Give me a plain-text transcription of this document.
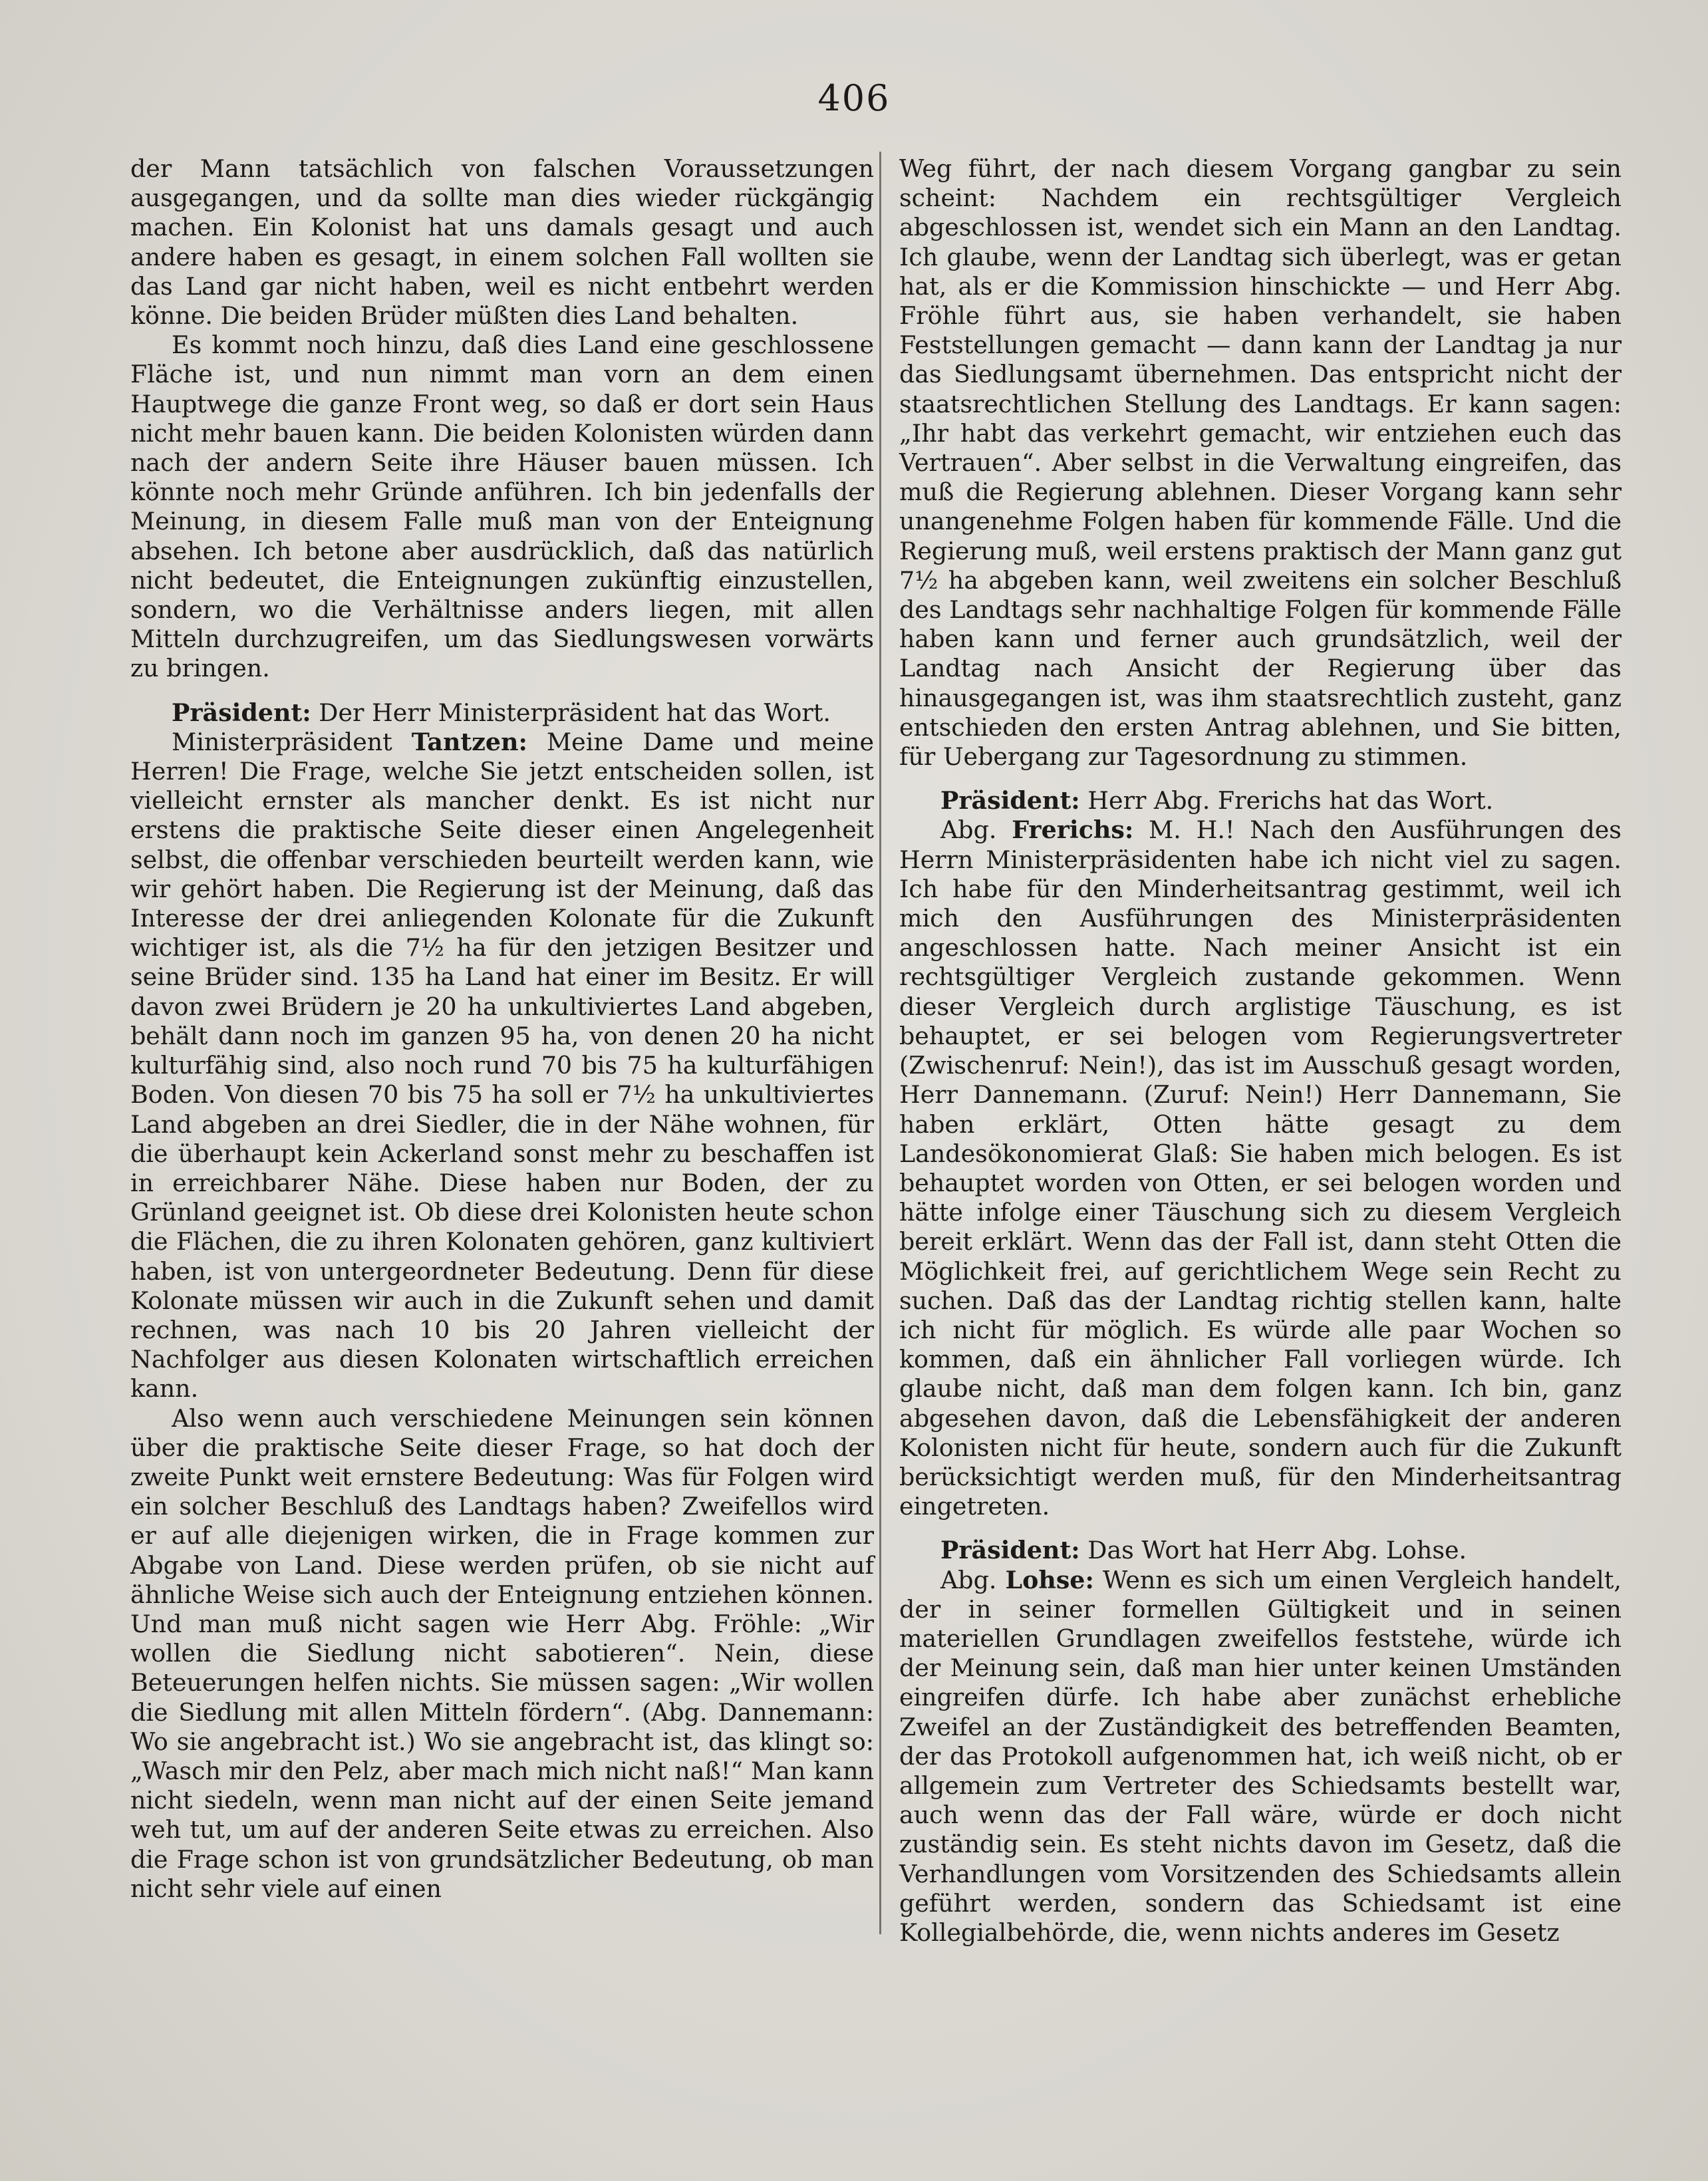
406

der Mann tatsächlich von falschen Voraussetzungen ausgegangen, und da sollte man dies wieder rückgängig machen. Ein Kolonist hat uns damals gesagt und auch andere haben es gesagt, in einem solchen Fall wollten sie das Land gar nicht haben, weil es nicht entbehrt werden könne. Die beiden Brüder müßten dies Land behalten.

Es kommt noch hinzu, daß dies Land eine geschlossene Fläche ist, und nun nimmt man vorn an dem einen Hauptwege die ganze Front weg, so daß er dort sein Haus nicht mehr bauen kann. Die beiden Kolonisten würden dann nach der andern Seite ihre Häuser bauen müssen. Ich könnte noch mehr Gründe anführen. Ich bin jedenfalls der Meinung, in diesem Falle muß man von der Enteignung absehen. Ich betone aber ausdrücklich, daß das natürlich nicht bedeutet, die Enteignungen zukünftig einzustellen, sondern, wo die Verhältnisse anders liegen, mit allen Mitteln durchzugreifen, um das Siedlungswesen vorwärts zu bringen.

Präsident: Der Herr Ministerpräsident hat das Wort.

Ministerpräsident Tantzen: Meine Dame und meine Herren! Die Frage, welche Sie jetzt entscheiden sollen, ist vielleicht ernster als mancher denkt. Es ist nicht nur erstens die praktische Seite dieser einen Angelegenheit selbst, die offenbar verschieden beurteilt werden kann, wie wir gehört haben. Die Regierung ist der Meinung, daß das Interesse der drei anliegenden Kolonate für die Zukunft wichtiger ist, als die 7½ ha für den jetzigen Besitzer und seine Brüder sind. 135 ha Land hat einer im Besitz. Er will davon zwei Brüdern je 20 ha unkultiviertes Land abgeben, behält dann noch im ganzen 95 ha, von denen 20 ha nicht kulturfähig sind, also noch rund 70 bis 75 ha kulturfähigen Boden. Von diesen 70 bis 75 ha soll er 7½ ha unkultiviertes Land abgeben an drei Siedler, die in der Nähe wohnen, für die überhaupt kein Ackerland sonst mehr zu beschaffen ist in erreichbarer Nähe. Diese haben nur Boden, der zu Grünland geeignet ist. Ob diese drei Kolonisten heute schon die Flächen, die zu ihren Kolonaten gehören, ganz kultiviert haben, ist von untergeordneter Bedeutung. Denn für diese Kolonate müssen wir auch in die Zukunft sehen und damit rechnen, was nach 10 bis 20 Jahren vielleicht der Nachfolger aus diesen Kolonaten wirtschaftlich erreichen kann.

Also wenn auch verschiedene Meinungen sein können über die praktische Seite dieser Frage, so hat doch der zweite Punkt weit ernstere Bedeutung: Was für Folgen wird ein solcher Beschluß des Landtags haben? Zweifellos wird er auf alle diejenigen wirken, die in Frage kommen zur Abgabe von Land. Diese werden prüfen, ob sie nicht auf ähnliche Weise sich auch der Enteignung entziehen können. Und man muß nicht sagen wie Herr Abg. Fröhle: „Wir wollen die Siedlung nicht sabotieren“. Nein, diese Beteuerungen helfen nichts. Sie müssen sagen: „Wir wollen die Siedlung mit allen Mitteln fördern“. (Abg. Dannemann: Wo sie angebracht ist.) Wo sie angebracht ist, das klingt so: „Wasch mir den Pelz, aber mach mich nicht naß!“ Man kann nicht siedeln, wenn man nicht auf der einen Seite jemand weh tut, um auf der anderen Seite etwas zu erreichen. Also die Frage schon ist von grundsätzlicher Bedeutung, ob man nicht sehr viele auf einen

Weg führt, der nach diesem Vorgang gangbar zu sein scheint: Nachdem ein rechtsgültiger Vergleich abgeschlossen ist, wendet sich ein Mann an den Landtag. Ich glaube, wenn der Landtag sich überlegt, was er getan hat, als er die Kommission hinschickte — und Herr Abg. Fröhle führt aus, sie haben verhandelt, sie haben Feststellungen gemacht — dann kann der Landtag ja nur das Siedlungsamt übernehmen. Das entspricht nicht der staatsrechtlichen Stellung des Landtags. Er kann sagen: „Ihr habt das verkehrt gemacht, wir entziehen euch das Vertrauen“. Aber selbst in die Verwaltung eingreifen, das muß die Regierung ablehnen. Dieser Vorgang kann sehr unangenehme Folgen haben für kommende Fälle. Und die Regierung muß, weil erstens praktisch der Mann ganz gut 7½ ha abgeben kann, weil zweitens ein solcher Beschluß des Landtags sehr nachhaltige Folgen für kommende Fälle haben kann und ferner auch grundsätzlich, weil der Landtag nach Ansicht der Regierung über das hinausgegangen ist, was ihm staatsrechtlich zusteht, ganz entschieden den ersten Antrag ablehnen, und Sie bitten, für Uebergang zur Tagesordnung zu stimmen.

Präsident: Herr Abg. Frerichs hat das Wort.

Abg. Frerichs: M. H.! Nach den Ausführungen des Herrn Ministerpräsidenten habe ich nicht viel zu sagen. Ich habe für den Minderheitsantrag gestimmt, weil ich mich den Ausführungen des Ministerpräsidenten angeschlossen hatte. Nach meiner Ansicht ist ein rechtsgültiger Vergleich zustande gekommen. Wenn dieser Vergleich durch arglistige Täuschung, es ist behauptet, er sei belogen vom Regierungsvertreter (Zwischenruf: Nein!), das ist im Ausschuß gesagt worden, Herr Dannemann. (Zuruf: Nein!) Herr Dannemann, Sie haben erklärt, Otten hätte gesagt zu dem Landesökonomierat Glaß: Sie haben mich belogen. Es ist behauptet worden von Otten, er sei belogen worden und hätte infolge einer Täuschung sich zu diesem Vergleich bereit erklärt. Wenn das der Fall ist, dann steht Otten die Möglichkeit frei, auf gerichtlichem Wege sein Recht zu suchen. Daß das der Landtag richtig stellen kann, halte ich nicht für möglich. Es würde alle paar Wochen so kommen, daß ein ähnlicher Fall vorliegen würde. Ich glaube nicht, daß man dem folgen kann. Ich bin, ganz abgesehen davon, daß die Lebensfähigkeit der anderen Kolonisten nicht für heute, sondern auch für die Zukunft berücksichtigt werden muß, für den Minderheitsantrag eingetreten.

Präsident: Das Wort hat Herr Abg. Lohse.

Abg. Lohse: Wenn es sich um einen Vergleich handelt, der in seiner formellen Gültigkeit und in seinen materiellen Grundlagen zweifellos feststehe, würde ich der Meinung sein, daß man hier unter keinen Umständen eingreifen dürfe. Ich habe aber zunächst erhebliche Zweifel an der Zuständigkeit des betreffenden Beamten, der das Protokoll aufgenommen hat, ich weiß nicht, ob er allgemein zum Vertreter des Schiedsamts bestellt war, auch wenn das der Fall wäre, würde er doch nicht zuständig sein. Es steht nichts davon im Gesetz, daß die Verhandlungen vom Vorsitzenden des Schiedsamts allein geführt werden, sondern das Schiedsamt ist eine Kollegialbehörde, die, wenn nichts anderes im Gesetz
